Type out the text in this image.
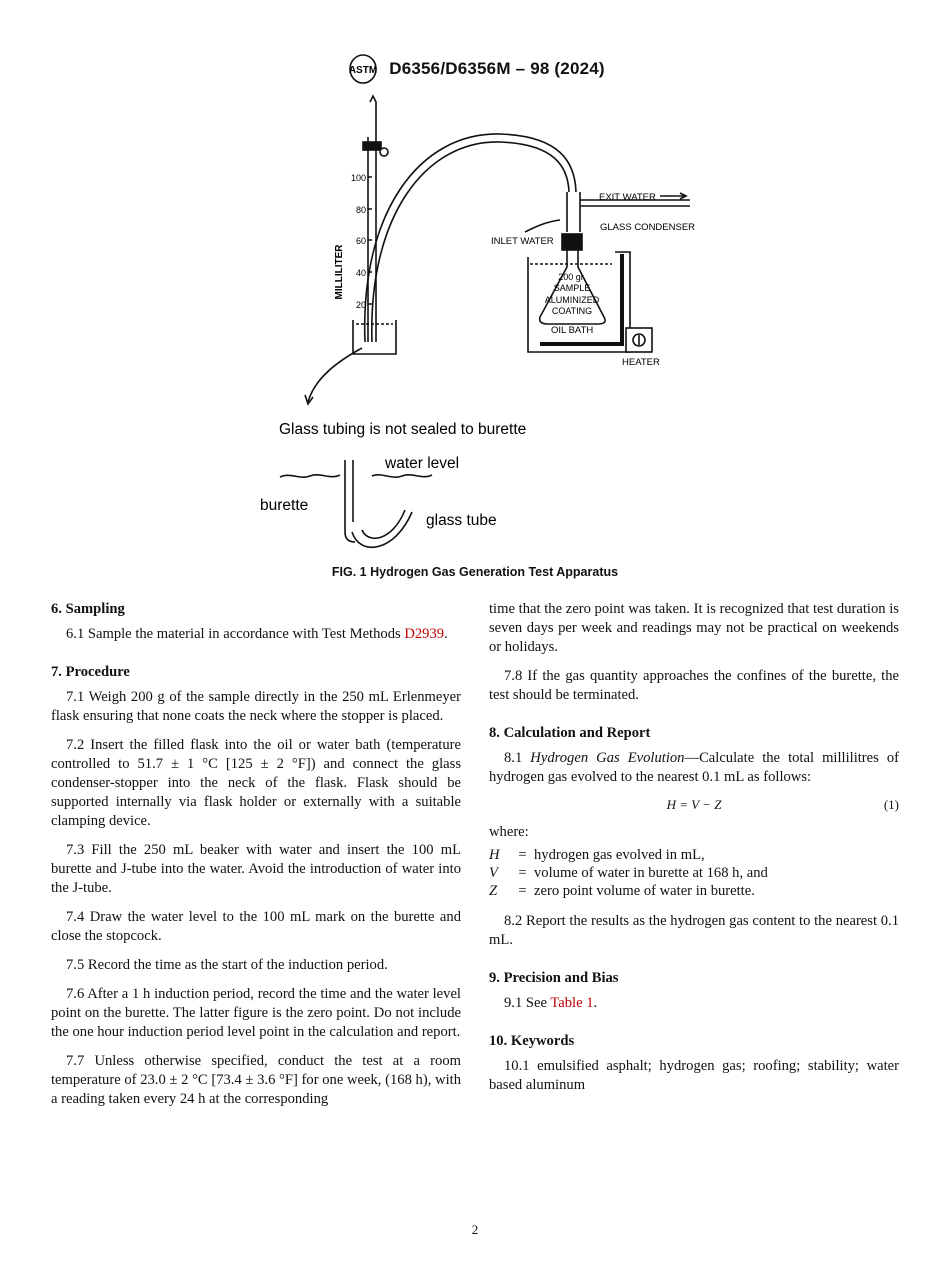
ASTM D6356/D6356M – 98 (2024)
MILLILITER
100
80
60
40
20
EXIT WATER
GLASS CONDENSER
INLET WATER
200 gr.
SAMPLE
ALUMINIZED
COATING
OIL BATH
HEATER
Glass tubing is not sealed to burette
water level
burette
glass tube
FIG. 1 Hydrogen Gas Generation Test Apparatus
6. Sampling

6.1 Sample the material in accordance with Test Methods D2939.

7. Procedure

7.1 Weigh 200 g of the sample directly in the 250 mL Erlenmeyer flask ensuring that none coats the neck where the stopper is placed.

7.2 Insert the filled flask into the oil or water bath (temperature controlled to 51.7 ± 1 °C [125 ± 2 °F]) and connect the glass condenser-stopper into the neck of the flask. Flask should be supported internally via flask holder or externally with a suitable clamping device.

7.3 Fill the 250 mL beaker with water and insert the 100 mL burette and J-tube into the water. Avoid the introduction of water into the J-tube.

7.4 Draw the water level to the 100 mL mark on the burette and close the stopcock.

7.5 Record the time as the start of the induction period.

7.6 After a 1 h induction period, record the time and the water level point on the burette. The latter figure is the zero point. Do not include the one hour induction period level point in the calculation and report.

7.7 Unless otherwise specified, conduct the test at a room temperature of 23.0 ± 2 °C [73.4 ± 3.6 °F] for one week, (168 h), with a reading taken every 24 h at the corresponding

time that the zero point was taken. It is recognized that test duration is seven days per week and readings may not be practical on weekends or holidays.

7.8 If the gas quantity approaches the confines of the burette, the test should be terminated.

8. Calculation and Report

8.1 Hydrogen Gas Evolution—Calculate the total millilitres of hydrogen gas evolved to the nearest 0.1 mL as follows:

H = V − Z	(1)

where:

H	= hydrogen gas evolved in mL,
V	= volume of water in burette at 168 h, and
Z	= zero point volume of water in burette.

8.2 Report the results as the hydrogen gas content to the nearest 0.1 mL.

9. Precision and Bias

9.1 See Table 1.

10. Keywords

10.1 emulsified asphalt; hydrogen gas; roofing; stability; water based aluminum

2
